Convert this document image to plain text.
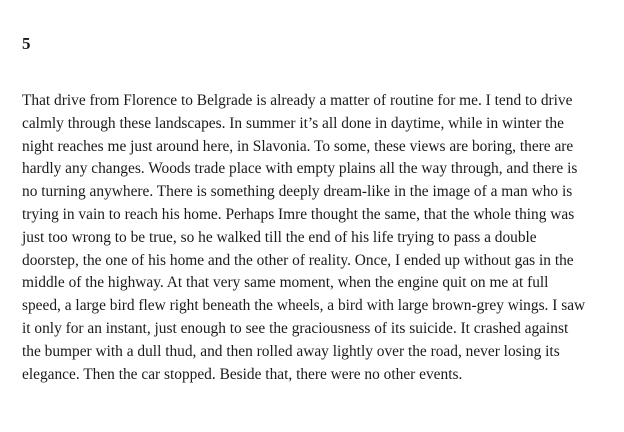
5

That drive from Florence to Belgrade is already a matter of routine for me. I tend to drive
calmly through these landscapes. In summer it’s all done in daytime, while in winter the
night reaches me just around here, in Slavonia. To some, these views are boring, there are
hardly any changes. Woods trade place with empty plains all the way through, and there is
no turning anywhere. There is something deeply dream-like in the image of a man who is
trying in vain to reach his home. Perhaps Imre thought the same, that the whole thing was
just too wrong to be true, so he walked till the end of his life trying to pass a double
doorstep, the one of his home and the other of reality. Once, I ended up without gas in the
middle of the highway. At that very same moment, when the engine quit on me at full
speed, a large bird flew right beneath the wheels, a bird with large brown-grey wings. I saw
it only for an instant, just enough to see the graciousness of its suicide. It crashed against
the bumper with a dull thud, and then rolled away lightly over the road, never losing its
elegance. Then the car stopped. Beside that, there were no other events.
